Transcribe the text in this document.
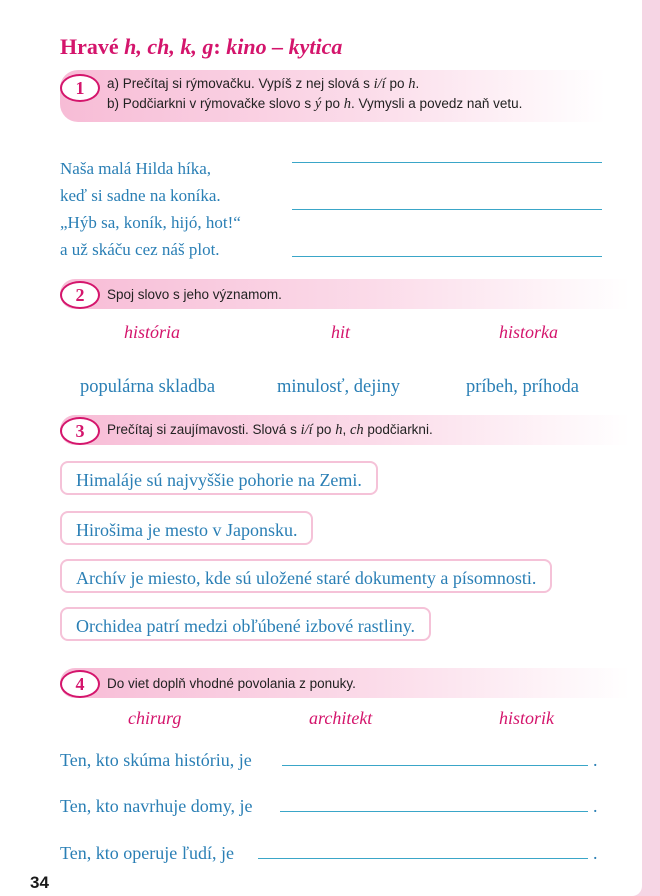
Hravé h, ch, k, g: kino – kytica
1	a) Prečítaj si rýmovačku. Vypíš z nej slová s i/í po h.
b) Podčiarkni v rýmovačke slovo s ý po h. Vymysli a povedz naň vetu.
Naša malá Hilda híka,
keď si sadne na koníka.
„Hýb sa, koník, hijó, hot!“
a už skáču cez náš plot.
2	Spoj slovo s jeho významom.
história	hit	historka
populárna skladba	minulosť, dejiny	príbeh, príhoda
3	Prečítaj si zaujímavosti. Slová s i/í po h, ch podčiarkni.
Himaláje sú najvyššie pohorie na Zemi.
Hirošima je mesto v Japonsku.
Archív je miesto, kde sú uložené staré dokumenty a písomnosti.
Orchidea patrí medzi obľúbené izbové rastliny.
4	Do viet doplň vhodné povolania z ponuky.
chirurg	architekt	historik
Ten, kto skúma históriu, je	.
Ten, kto navrhuje domy, je	.
Ten, kto operuje ľudí, je	.
34
